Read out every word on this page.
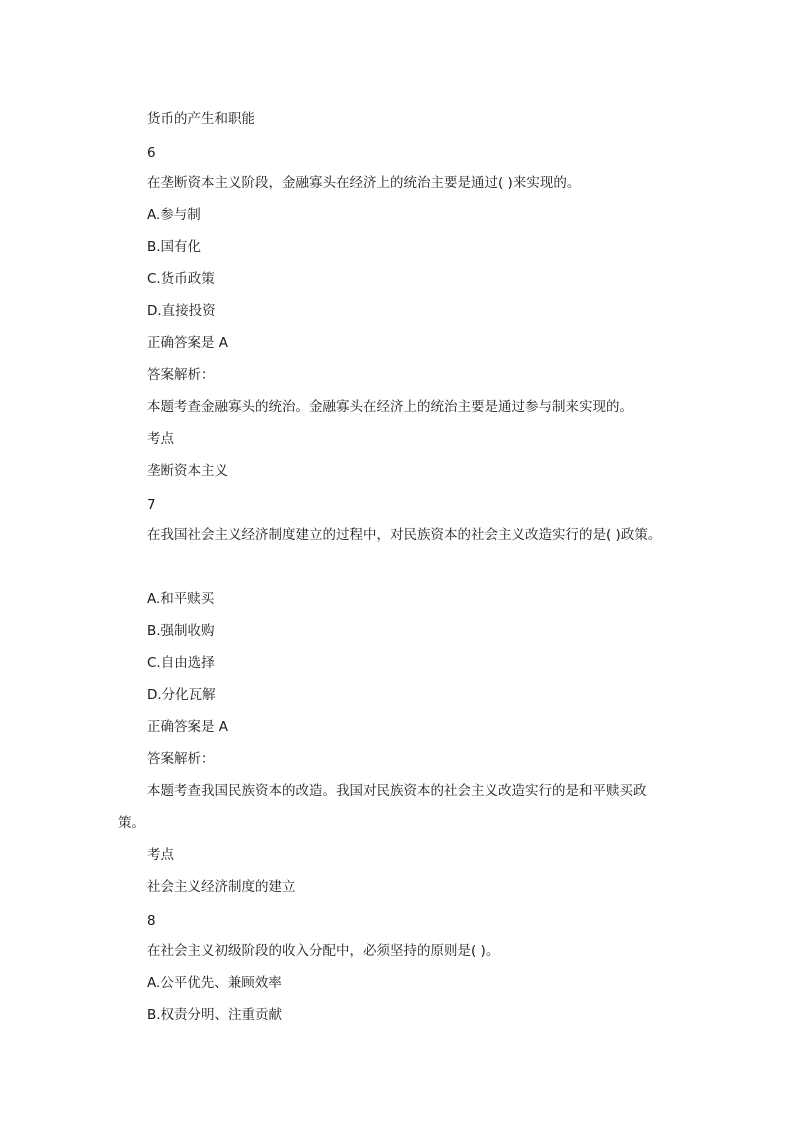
货币的产生和职能
6
在垄断资本主义阶段，金融寡头在经济上的统治主要是通过( )来实现的。
A.参与制
B.国有化
C.货币政策
D.直接投资
正确答案是 A
答案解析：
本题考查金融寡头的统治。金融寡头在经济上的统治主要是通过参与制来实现的。
考点
垄断资本主义
7
在我国社会主义经济制度建立的过程中，对民族资本的社会主义改造实行的是( )政策。
A.和平赎买
B.强制收购
C.自由选择
D.分化瓦解
正确答案是 A
答案解析：
本题考查我国民族资本的改造。我国对民族资本的社会主义改造实行的是和平赎买政
策。
考点
社会主义经济制度的建立
8
在社会主义初级阶段的收入分配中，必须坚持的原则是( )。
A.公平优先、兼顾效率
B.权责分明、注重贡献
